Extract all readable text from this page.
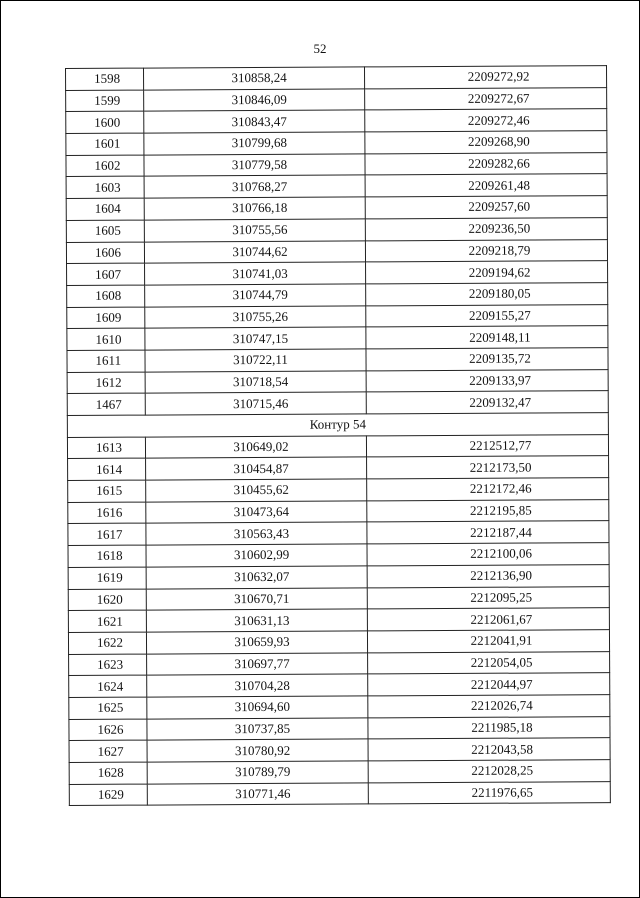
52
1598	310858,24	2209272,92
1599	310846,09	2209272,67
1600	310843,47	2209272,46
1601	310799,68	2209268,90
1602	310779,58	2209282,66
1603	310768,27	2209261,48
1604	310766,18	2209257,60
1605	310755,56	2209236,50
1606	310744,62	2209218,79
1607	310741,03	2209194,62
1608	310744,79	2209180,05
1609	310755,26	2209155,27
1610	310747,15	2209148,11
1611	310722,11	2209135,72
1612	310718,54	2209133,97
1467	310715,46	2209132,47
Контур 54		
1613	310649,02	2212512,77
1614	310454,87	2212173,50
1615	310455,62	2212172,46
1616	310473,64	2212195,85
1617	310563,43	2212187,44
1618	310602,99	2212100,06
1619	310632,07	2212136,90
1620	310670,71	2212095,25
1621	310631,13	2212061,67
1622	310659,93	2212041,91
1623	310697,77	2212054,05
1624	310704,28	2212044,97
1625	310694,60	2212026,74
1626	310737,85	2211985,18
1627	310780,92	2212043,58
1628	310789,79	2212028,25
1629	310771,46	2211976,65
